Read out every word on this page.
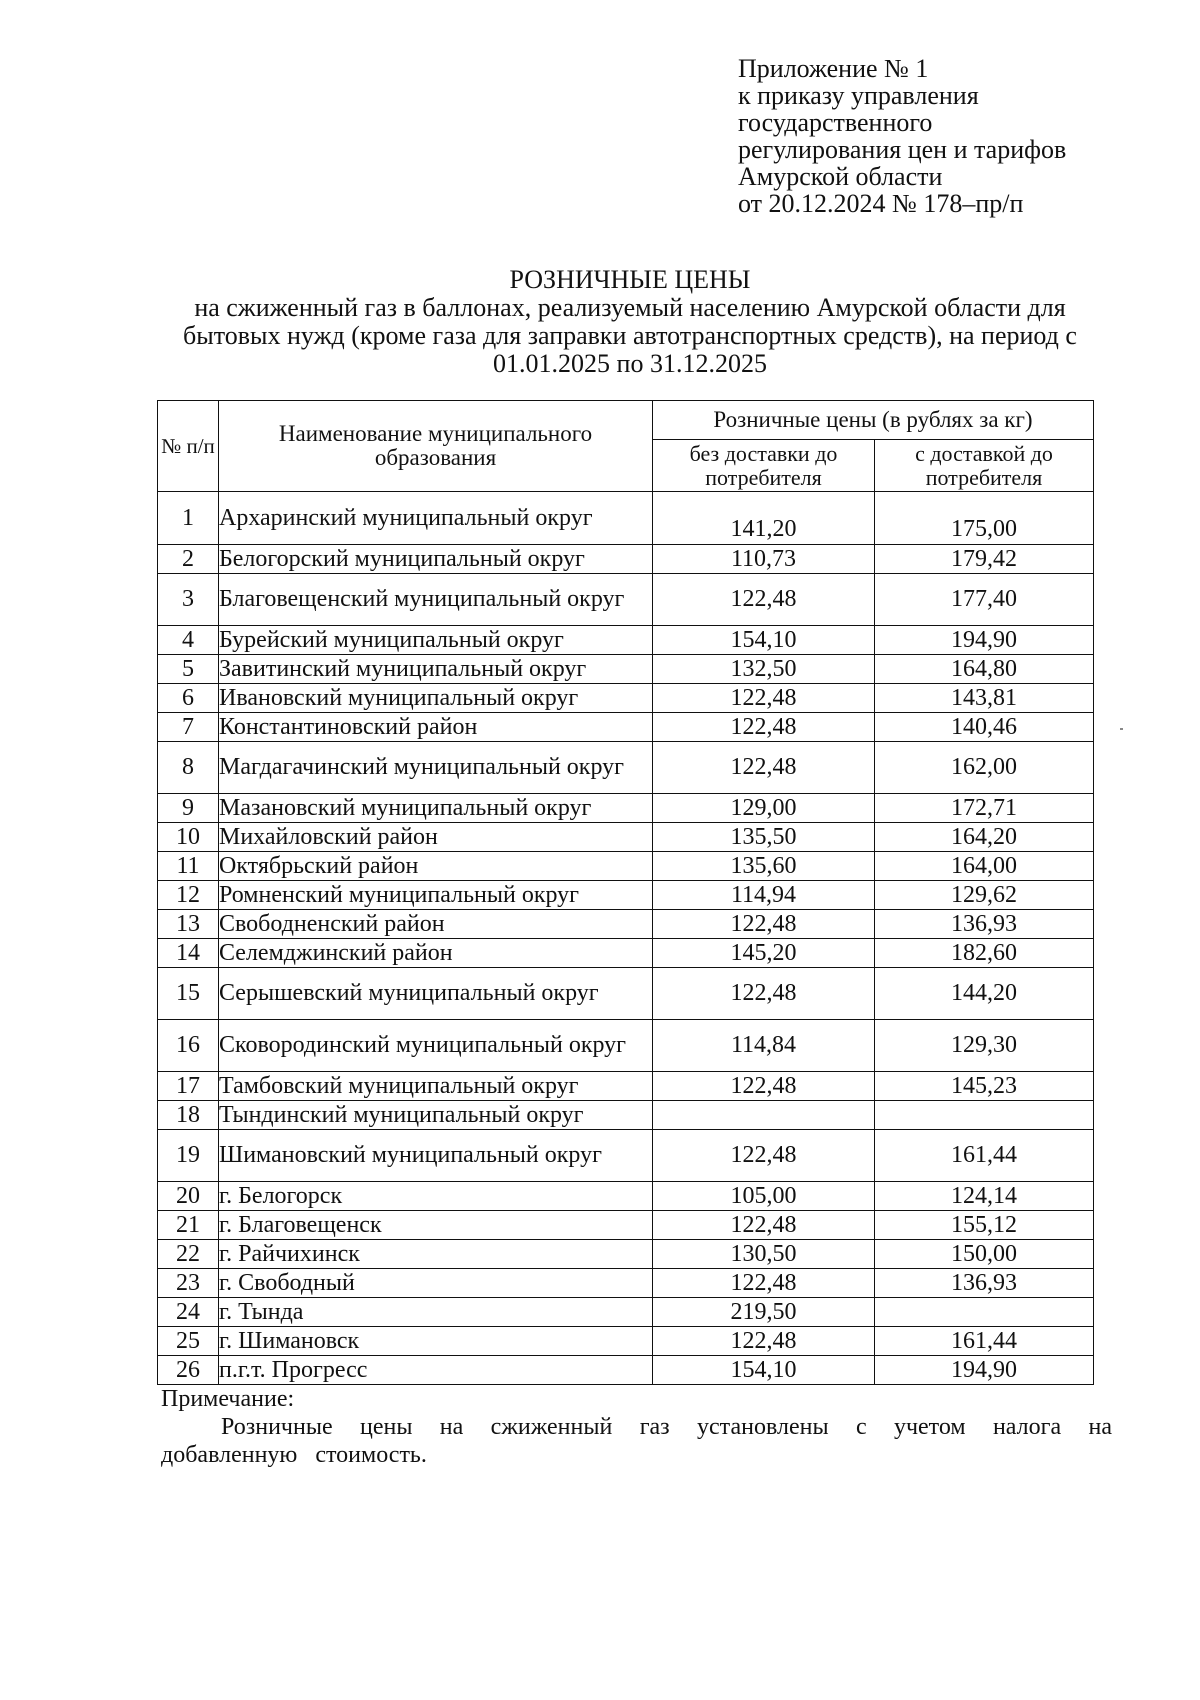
Приложение № 1
к приказу управления
государственного
регулирования цен и тарифов
Амурской области
от 20.12.2024 № 178–пр/п
РОЗНИЧНЫЕ ЦЕНЫ
на сжиженный газ в баллонах, реализуемый населению Амурской области для бытовых нужд (кроме газа для заправки автотранспортных средств), на период с 01.01.2025 по 31.12.2025
№ п/п	Наименование муниципального образования	Розничные цены (в рублях за кг)	
		без доставки до потребителя	с доставкой до потребителя
1	Архаринский муниципальный округ	141,20	175,00
2	Белогорский муниципальный округ	110,73	179,42
3	Благовещенский муниципальный округ	122,48	177,40
4	Бурейский муниципальный округ	154,10	194,90
5	Завитинский муниципальный округ	132,50	164,80
6	Ивановский муниципальный округ	122,48	143,81
7	Константиновский район	122,48	140,46
8	Магдагачинский муниципальный округ	122,48	162,00
9	Мазановский муниципальный округ	129,00	172,71
10	Михайловский район	135,50	164,20
11	Октябрьский район	135,60	164,00
12	Ромненский муниципальный округ	114,94	129,62
13	Свободненский район	122,48	136,93
14	Селемджинский район	145,20	182,60
15	Серышевский муниципальный округ	122,48	144,20
16	Сковородинский муниципальный округ	114,84	129,30
17	Тамбовский муниципальный округ	122,48	145,23
18	Тындинский муниципальный округ		
19	Шимановский муниципальный округ	122,48	161,44
20	г. Белогорск	105,00	124,14
21	г. Благовещенск	122,48	155,12
22	г. Райчихинск	130,50	150,00
23	г. Свободный	122,48	136,93
24	г. Тында	219,50	
25	г. Шимановск	122,48	161,44
26	п.г.т. Прогресс	154,10	194,90
Примечание:
Розничные цены на сжиженный газ установлены с учетом налога на добавленную стоимость.
